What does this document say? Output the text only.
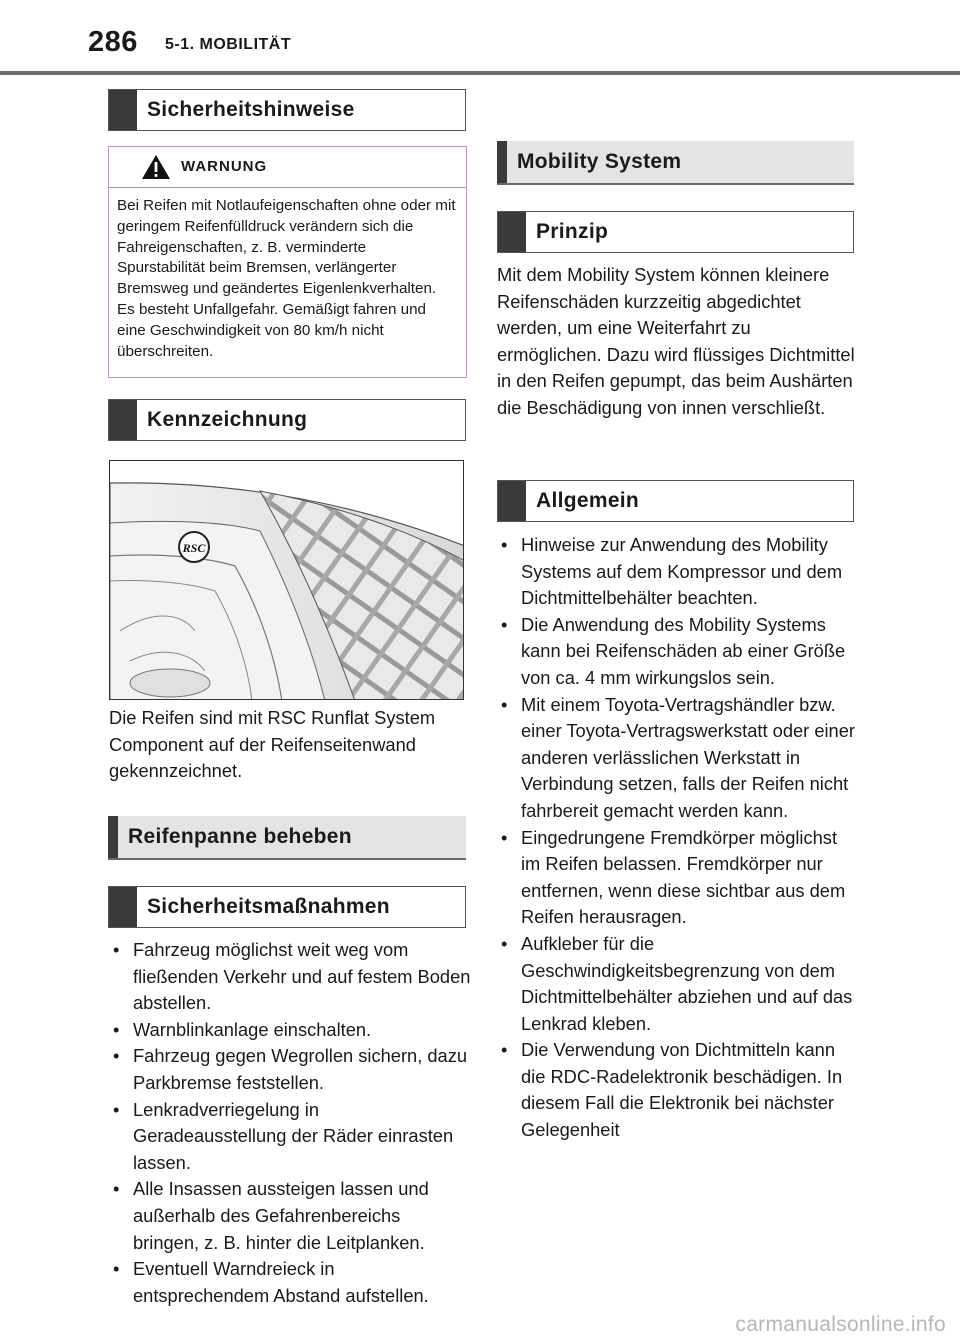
286 5-1. MOBILITÄT
Sicherheitshinweise
WARNUNG
Bei Reifen mit Notlaufeigenschaften ohne oder mit geringem Reifenfülldruck verändern sich die Fahreigenschaften, z. B. verminderte Spurstabilität beim Bremsen, verlängerter Bremsweg und geändertes Eigenlenkverhalten. Es besteht Unfallgefahr. Gemäßigt fahren und eine Geschwindigkeit von 80 km/h nicht überschreiten.
Kennzeichnung
RSC

Die Reifen sind mit RSC Runflat System Component auf der Reifenseitenwand gekennzeichnet.

Reifenpanne beheben
Sicherheitsmaßnahmen
• Fahrzeug möglichst weit weg vom fließenden Verkehr und auf festem Boden abstellen.
• Warnblinkanlage einschalten.
• Fahrzeug gegen Wegrollen sichern, dazu Parkbremse feststellen.
• Lenkradverriegelung in Geradeausstellung der Räder einrasten lassen.
• Alle Insassen aussteigen lassen und außerhalb des Gefahrenbereichs bringen, z. B. hinter die Leitplanken.
• Eventuell Warndreieck in entsprechendem Abstand aufstellen.
Mobility System
Prinzip

Mit dem Mobility System können kleinere Reifenschäden kurzzeitig abgedichtet werden, um eine Weiterfahrt zu ermöglichen. Dazu wird flüssiges Dichtmittel in den Reifen gepumpt, das beim Aushärten die Beschädigung von innen verschließt.

Allgemein
• Hinweise zur Anwendung des Mobility Systems auf dem Kompressor und dem Dichtmittelbehälter beachten.
• Die Anwendung des Mobility Systems kann bei Reifenschäden ab einer Größe von ca. 4 mm wirkungslos sein.
• Mit einem Toyota-Vertragshändler bzw. einer Toyota-Vertragswerkstatt oder einer anderen verlässlichen Werkstatt in Verbindung setzen, falls der Reifen nicht fahrbereit gemacht werden kann.
• Eingedrungene Fremdkörper möglichst im Reifen belassen. Fremdkörper nur entfernen, wenn diese sichtbar aus dem Reifen herausragen.
• Aufkleber für die Geschwindigkeitsbegrenzung von dem Dichtmittelbehälter abziehen und auf das Lenkrad kleben.
• Die Verwendung von Dichtmitteln kann die RDC-Radelektronik beschädigen. In diesem Fall die Elektronik bei nächster Gelegenheit
carmanualsonline.info
